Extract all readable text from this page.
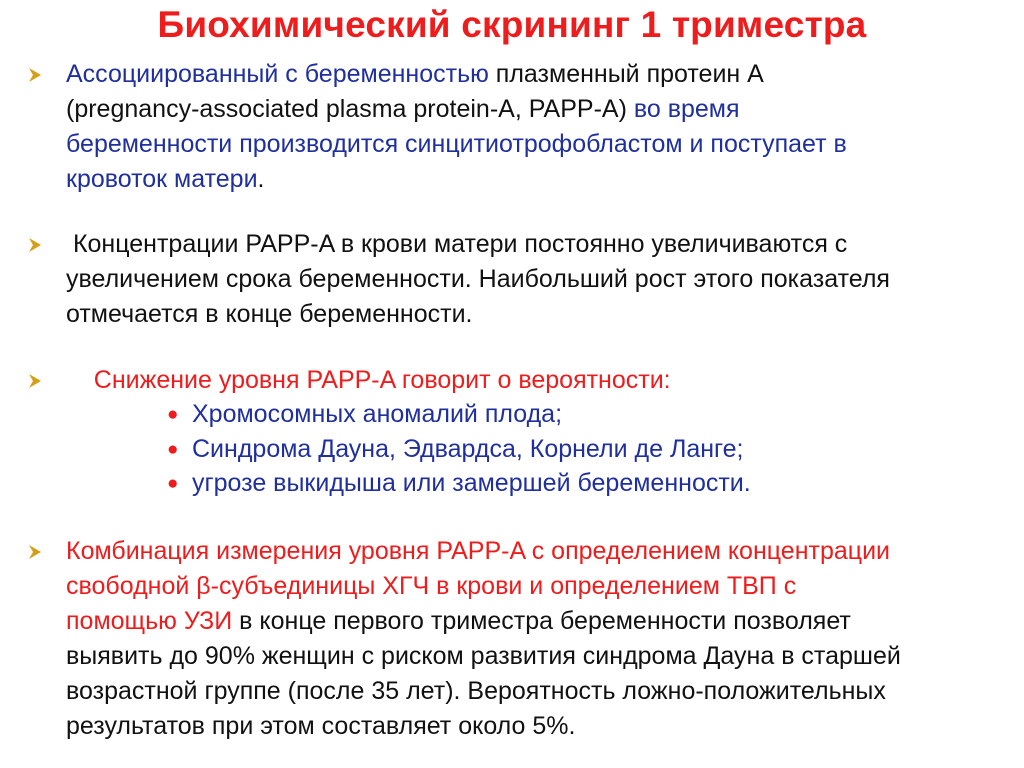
Биохимический скрининг 1 триместра
Ассоциированный с беременностью плазменный протеин А
(pregnancy-associated plasma protein-A, PAPP-A) во время
беременности производится синцитиотрофобластом и поступает в
кровоток матери.
Концентрации PAPP-A в крови матери постоянно увеличиваются с
увеличением срока беременности. Наибольший рост этого показателя
отмечается в конце беременности.
Снижение уровня PAPP-A говорит о вероятности:
● Хромосомных аномалий плода;
● Синдрома Дауна, Эдвардса, Корнели де Ланге;
● угрозе выкидыша или замершей беременности.
Комбинация измерения уровня PAPP-A с определением концентрации
свободной β-субъединицы ХГЧ в крови и определением ТВП с
помощью УЗИ в конце первого триместра беременности позволяет
выявить до 90% женщин с риском развития синдрома Дауна в старшей
возрастной группе (после 35 лет). Вероятность ложно-положительных
результатов при этом составляет около 5%.
